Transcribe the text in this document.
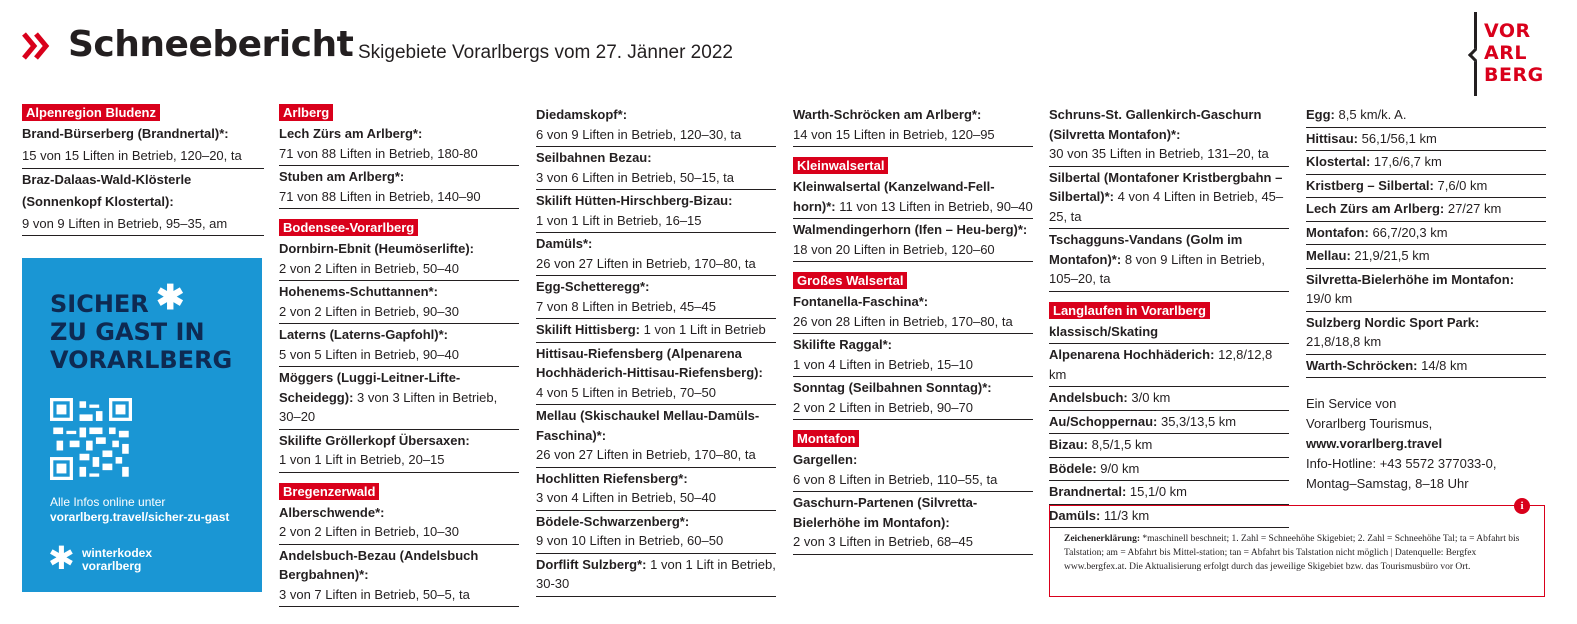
Schneebericht Skigebiete Vorarlbergs vom 27. Jänner 2022
VOR
ARL
BERG
Alpenregion Bludenz
Brand-Bürserberg (Brandnertal)*:
15 von 15 Liften in Betrieb, 120–20, ta
Braz-Dalaas-Wald-Klösterle (Sonnenkopf Klostertal):
9 von 9 Liften in Betrieb, 95–35, am
✱
SICHER
ZU GAST IN
VORARLBERG
Alle Infos online unter
vorarlberg.travel/sicher-zu-gast
✱ winterkodex
vorarlberg
Arlberg
Lech Zürs am Arlberg*:
71 von 88 Liften in Betrieb, 180-80
Stuben am Arlberg*:
71 von 88 Liften in Betrieb, 140–90
Bodensee-Vorarlberg
Dornbirn-Ebnit (Heumöserlifte):
2 von 2 Liften in Betrieb, 50–40
Hohenems-Schuttannen*:
2 von 2 Liften in Betrieb, 90–30
Laterns (Laterns-Gapfohl)*:
5 von 5 Liften in Betrieb, 90–40
Möggers (Luggi-Leitner-Lifte-Scheidegg): 3 von 3 Liften in Betrieb, 30–20
Skilifte Gröllerkopf Übersaxen:
1 von 1 Lift in Betrieb, 20–15
Bregenzerwald
Alberschwende*:
2 von 2 Liften in Betrieb, 10–30
Andelsbuch-Bezau (Andelsbuch Bergbahnen)*:
3 von 7 Liften in Betrieb, 50–5, ta
Diedamskopf*:
6 von 9 Liften in Betrieb, 120–30, ta
Seilbahnen Bezau:
3 von 6 Liften in Betrieb, 50–15, ta
Skilift Hütten-Hirschberg-Bizau:
1 von 1 Lift in Betrieb, 16–15
Damüls*:
26 von 27 Liften in Betrieb, 170–80, ta
Egg-Schetteregg*:
7 von 8 Liften in Betrieb, 45–45
Skilift Hittisberg: 1 von 1 Lift in Betrieb
Hittisau-Riefensberg (Alpenarena Hochhäderich-Hittisau-Riefensberg):
4 von 5 Liften in Betrieb, 70–50
Mellau (Skischaukel Mellau-Damüls-Faschina)*:
26 von 27 Liften in Betrieb, 170–80, ta
Hochlitten Riefensberg*:
3 von 4 Liften in Betrieb, 50–40
Bödele-Schwarzenberg*:
9 von 10 Liften in Betrieb, 60–50
Dorflift Sulzberg*: 1 von 1 Lift in Betrieb, 30-30
Warth-Schröcken am Arlberg*:
14 von 15 Liften in Betrieb, 120–95
Kleinwalsertal
Kleinwalsertal (Kanzelwand-Fell-horn)*: 11 von 13 Liften in Betrieb, 90–40
Walmendingerhorn (Ifen – Heu-berg)*: 18 von 20 Liften in Betrieb, 120–60
Großes Walsertal
Fontanella-Faschina*:
26 von 28 Liften in Betrieb, 170–80, ta
Skilifte Raggal*:
1 von 4 Liften in Betrieb, 15–10
Sonntag (Seilbahnen Sonntag)*:
2 von 2 Liften in Betrieb, 90–70
Montafon
Gargellen:
6 von 8 Liften in Betrieb, 110–55, ta
Gaschurn-Partenen (Silvretta-Bielerhöhe im Montafon):
2 von 3 Liften in Betrieb, 68–45
Schruns-St. Gallenkirch-Gaschurn (Silvretta Montafon)*:
30 von 35 Liften in Betrieb, 131–20, ta
Silbertal (Montafoner Kristbergbahn – Silbertal)*: 4 von 4 Liften in Betrieb, 45–25, ta
Tschagguns-Vandans (Golm im Montafon)*: 8 von 9 Liften in Betrieb, 105–20, ta
Langlaufen in Vorarlberg
klassisch/Skating
Alpenarena Hochhäderich: 12,8/12,8 km
Andelsbuch: 3/0 km
Au/Schoppernau: 35,3/13,5 km
Bizau: 8,5/1,5 km
Bödele: 9/0 km
Brandnertal: 15,1/0 km
Damüls: 11/3 km
Egg: 8,5 km/k. A.
Hittisau: 56,1/56,1 km
Klostertal: 17,6/6,7 km
Kristberg – Silbertal: 7,6/0 km
Lech Zürs am Arlberg: 27/27 km
Montafon: 66,7/20,3 km
Mellau: 21,9/21,5 km
Silvretta-Bielerhöhe im Montafon:
19/0 km
Sulzberg Nordic Sport Park:
21,8/18,8 km
Warth-Schröcken: 14/8 km
Ein Service von
Vorarlberg Tourismus,
www.vorarlberg.travel
Info-Hotline: +43 5572 377033-0,
Montag–Samstag, 8–18 Uhr
i
Zeichenerklärung: *maschinell beschneit; 1. Zahl = Schneehöhe Skigebiet; 2. Zahl = Schneehöhe Tal; ta = Abfahrt bis Talstation; am = Abfahrt bis Mittel-station; tan = Abfahrt bis Talstation nicht möglich | Datenquelle: Bergfex www.bergfex.at. Die Aktualisierung erfolgt durch das jeweilige Skigebiet bzw. das Tourismusbüro vor Ort.
